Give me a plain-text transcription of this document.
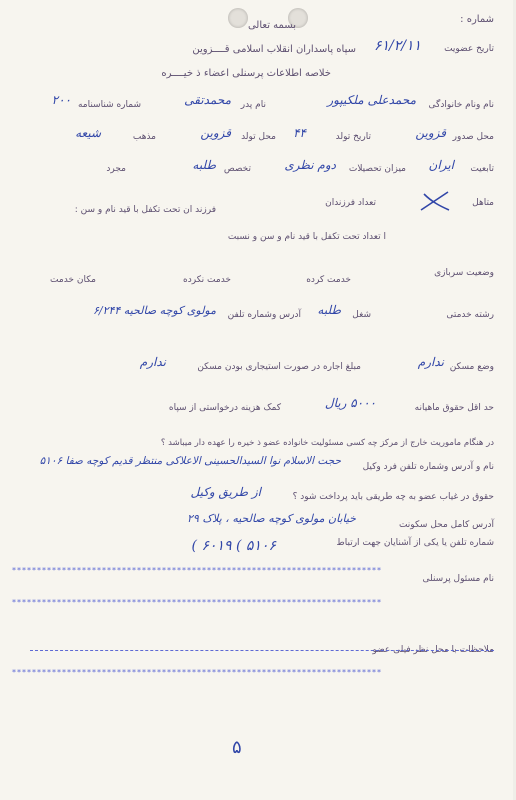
شماره :
بسمه تعالی
تاریخ عضویت
۶۱/۲/۱۱
سپاه پاسداران انقلاب اسلامی قــــزوین
خلاصه اطلاعات پرسنلی اعضاء ذ خیــــره
نام ونام خانوادگی
محمدعلی ملکیپور
نام پدر
محمدتقی
شماره شناسنامه
۲۰۰
محل صدور
قزوین
تاریخ تولد
۴۴
محل تولد
قزوین
مذهب
شیعه
تابعیت
ایران
میزان تحصیلات
دوم نظری
تخصص
طلبه
مجرد
متاهل
تعداد فرزندان
فرزند ان تحت تکفل با قید نام و سن :
ا تعداد تحت تکفل با قید نام و سن و نسبت
وضعیت سربازی
خدمت کرده
خدمت نکرده
مکان خدمت
رشته خدمتی
شغل
طلبه
آدرس وشماره تلفن
مولوی کوچه صالحیه ۶/۲۴۴
وضع مسکن
ندارم
مبلغ اجاره در صورت استیجاری بودن مسکن
ندارم
حد اقل حقوق ماهیانه
۵۰۰۰ ریال
کمک هزینه درخواستی از سپاه
در هنگام ماموریت خارج از مرکز چه کسی مسئولیت خانواده عضو ذ خیره را عهده دار میباشد ؟
نام و آدرس وشماره تلفن فرد وکیل
حجت الاسلام نوا السیدالحسینی الاعلاکی منتظر قدیم کوچه صفا ۵۱۰۶
حقوق در غیاب عضو به چه طریقی باید پرداخت شود ؟
از طریق وکیل
آدرس کامل محل سکونت
خیابان مولوی کوچه صالحیه ، پلاک ۲۹
شماره تلفن یا یکی از آشنایان جهت ارتباط
۵۱۰۶ ) ۶۰۱۹ )
**************************************************************************
نام مسئول پرسنلی
**************************************************************************
ملاحظات با محل نظر فیلی عضو
**************************************************************************
۵
